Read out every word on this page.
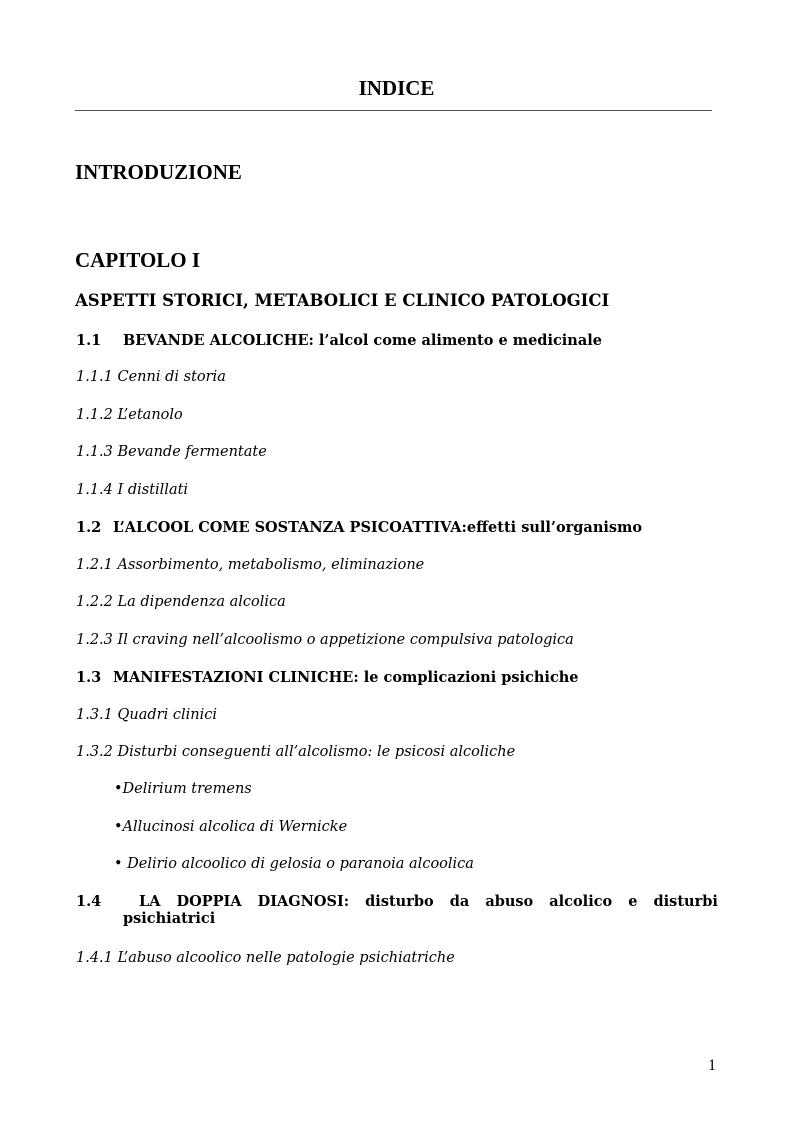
INDICE
INTRODUZIONE
CAPITOLO I
ASPETTI STORICI, METABOLICI E CLINICO PATOLOGICI
1.1 BEVANDE ALCOLICHE: l’alcol come alimento e medicinale
1.1.1 Cenni di storia
1.1.2 L’etanolo
1.1.3 Bevande fermentate
1.1.4 I distillati
1.2 L’ALCOOL COME SOSTANZA PSICOATTIVA:effetti sull’organismo
1.2.1 Assorbimento, metabolismo, eliminazione
1.2.2 La dipendenza alcolica
1.2.3 Il craving nell’alcoolismo o appetizione compulsiva patologica
1.3 MANIFESTAZIONI CLINICHE: le complicazioni psichiche
1.3.1 Quadri clinici
1.3.2 Disturbi conseguenti all’alcolismo: le psicosi alcoliche
•Delirium tremens
•Allucinosi alcolica di Wernicke
• Delirio alcoolico di gelosia o paranoia alcoolica
1.4	LA DOPPIA DIAGNOSI: disturbo da abuso alcolico e disturbi
psichiatrici
1.4.1 L’abuso alcoolico nelle patologie psichiatriche
1
